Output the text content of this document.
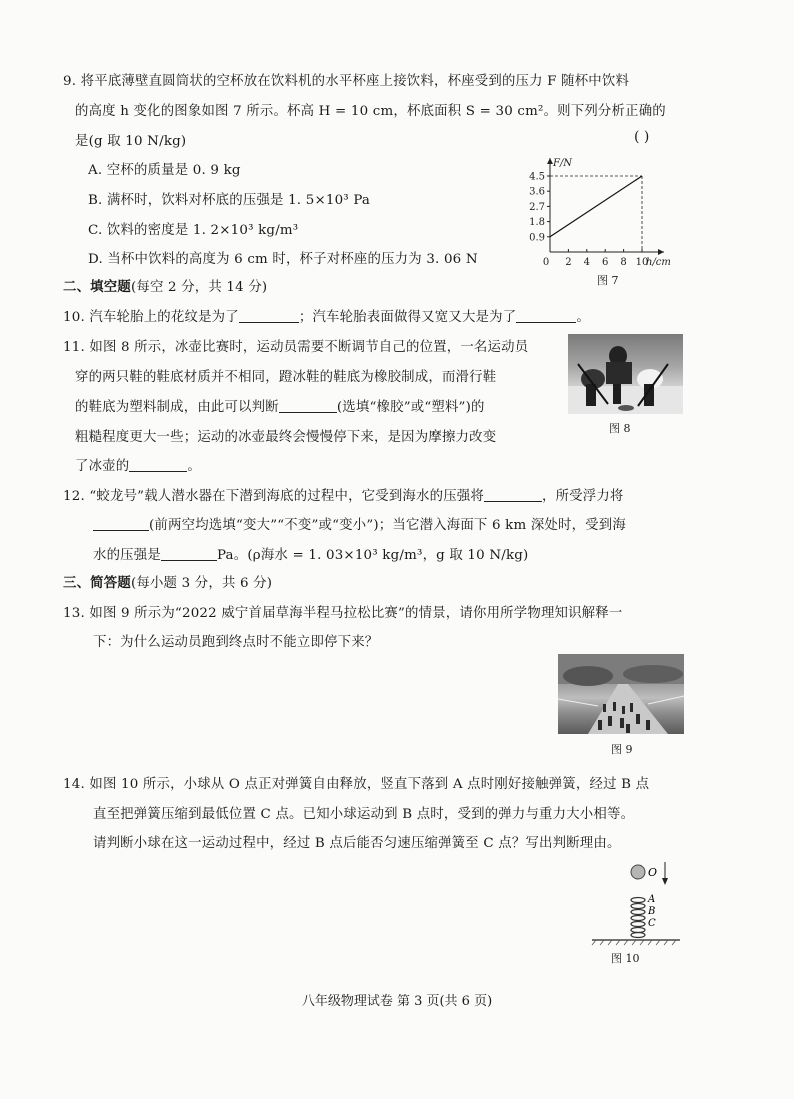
9. 将平底薄壁直圆筒状的空杯放在饮料机的水平杯座上接饮料，杯座受到的压力 F 随杯中饮料
的高度 h 变化的图象如图 7 所示。杯高 H = 10 cm，杯底面积 S = 30 cm²。则下列分析正确的
是(g 取 10 N/kg)	( )
A. 空杯的质量是 0. 9 kg
B. 满杯时，饮料对杯底的压强是 1. 5×10³ Pa
C. 饮料的密度是 1. 2×10³ kg/m³
D. 当杯中饮料的高度为 6 cm 时，杯子对杯座的压力为 3. 06 N
0.9
1.8
2.7
3.6
4.5
0 2 4 6 8 10
F/N
h/cm
图 7
二、填空题(每空 2 分，共 14 分)
10. 汽车轮胎上的花纹是为了	；汽车轮胎表面做得又宽又大是为了	。
11. 如图 8 所示，冰壶比赛时，运动员需要不断调节自己的位置，一名运动员
穿的两只鞋的鞋底材质并不相同，蹬冰鞋的鞋底为橡胶制成，而滑行鞋
的鞋底为塑料制成，由此可以判断	(选填“橡胶”或“塑料”)的
粗糙程度更大一些；运动的冰壶最终会慢慢停下来，是因为摩擦力改变
了冰壶的	。
图 8
12. “蛟龙号”载人潜水器在下潜到海底的过程中，它受到海水的压强将	，所受浮力将
(前两空均选填“变大”“不变”或“变小”)；当它潜入海面下 6 km 深处时，受到海
水的压强是	Pa。(ρ海水 = 1. 03×10³ kg/m³，g 取 10 N/kg)
三、简答题(每小题 3 分，共 6 分)
13. 如图 9 所示为“2022 威宁首届草海半程马拉松比赛”的情景，请你用所学物理知识解释一
下：为什么运动员跑到终点时不能立即停下来？
图 9
14. 如图 10 所示，小球从 O 点正对弹簧自由释放，竖直下落到 A 点时刚好接触弹簧，经过 B 点
直至把弹簧压缩到最低位置 C 点。已知小球运动到 B 点时，受到的弹力与重力大小相等。
请判断小球在这一运动过程中，经过 B 点后能否匀速压缩弹簧至 C 点？写出判断理由。
O
A
B
C
图 10
八年级物理试卷 第 3 页(共 6 页)
